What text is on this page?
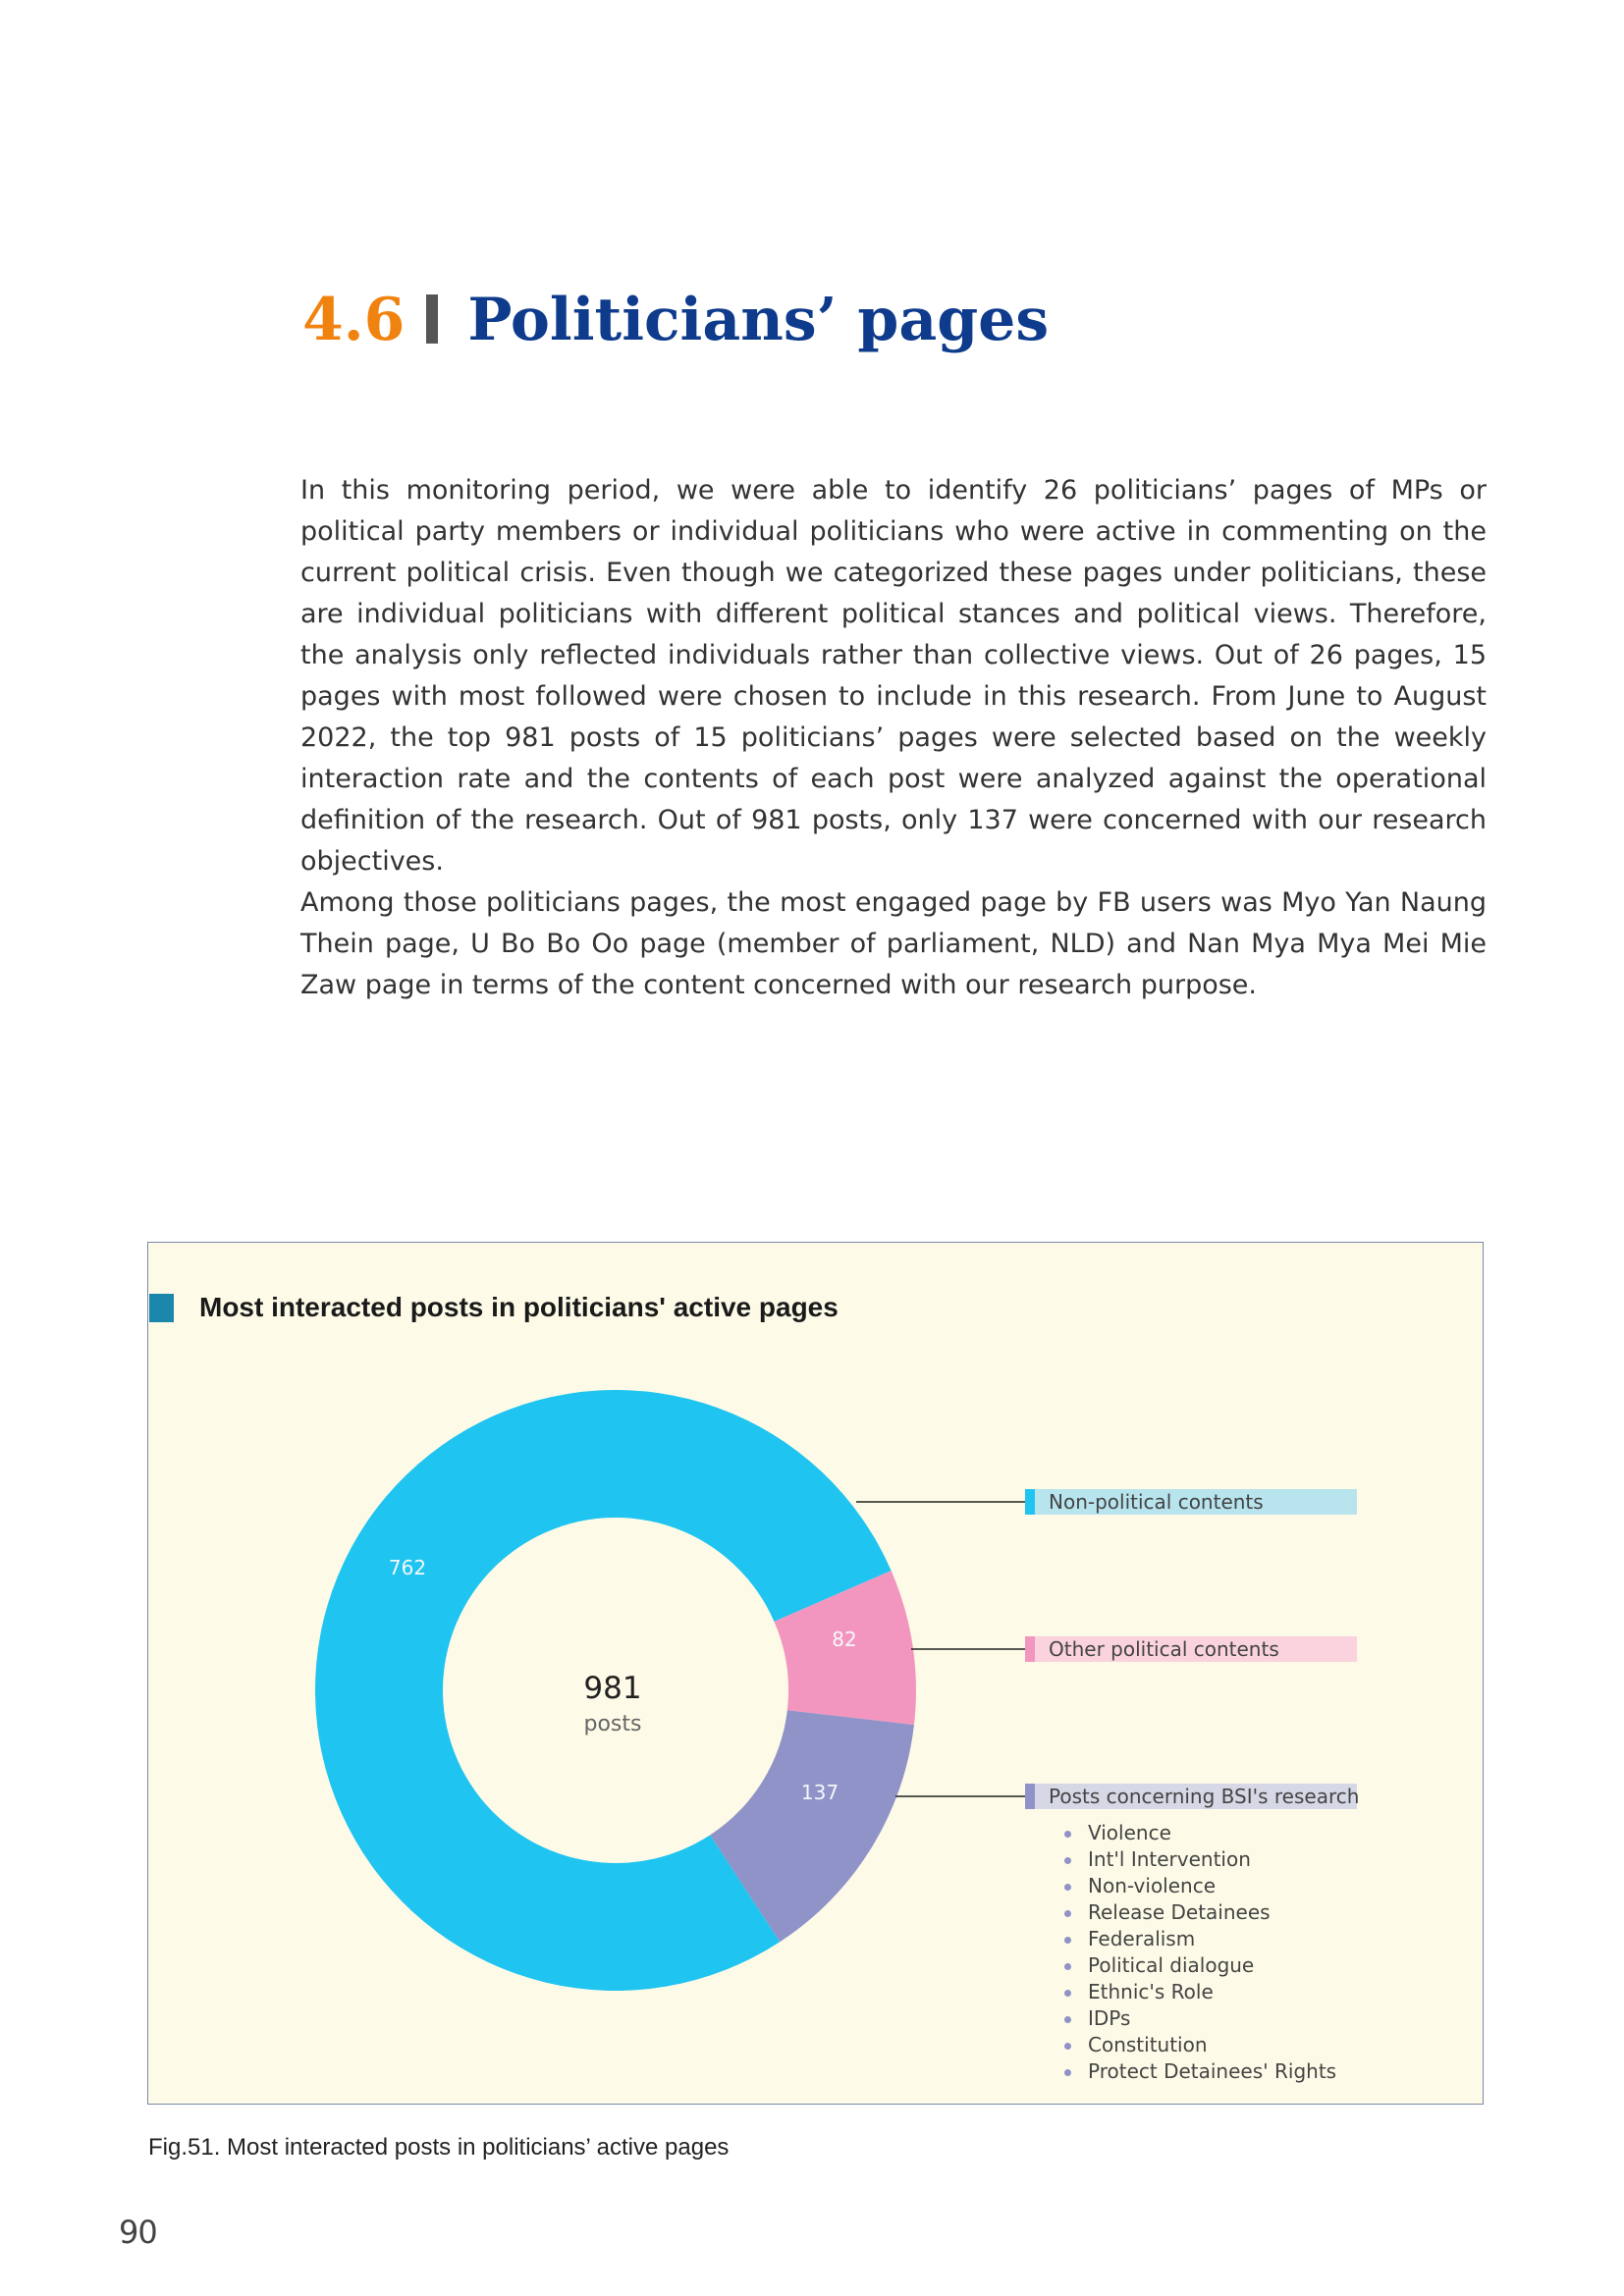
4.6 Politicians’ pages

In this monitoring period, we were able to identify 26 politicians’ pages of MPs or political party members or individual politicians who were active in commenting on the current political crisis. Even though we categorized these pages under politicians, these are individual politicians with different political stances and political views. Therefore, the analysis only reflected individuals rather than collective views. Out of 26 pages, 15 pages with most followed were chosen to include in this research. From June to August 2022, the top 981 posts of 15 politicians’ pages were selected based on the weekly interaction rate and the contents of each post were analyzed against the operational definition of the research. Out of 981 posts, only 137 were concerned with our research objectives.

Among those politicians pages, the most engaged page by FB users was Myo Yan Naung Thein page, U Bo Bo Oo page (member of parliament, NLD) and Nan Mya Mya Mei Mie Zaw page in terms of the content concerned with our research purpose.

Most interacted posts in politicians' active pages
762
82
137
981
posts
Non-political contents
Other political contents
Posts concerning BSI's research
Violence
Int'l Intervention
Non-violence
Release Detainees
Federalism
Political dialogue
Ethnic's Role
IDPs
Constitution
Protect Detainees' Rights
Fig.51. Most interacted posts in politicians’ active pages
90
